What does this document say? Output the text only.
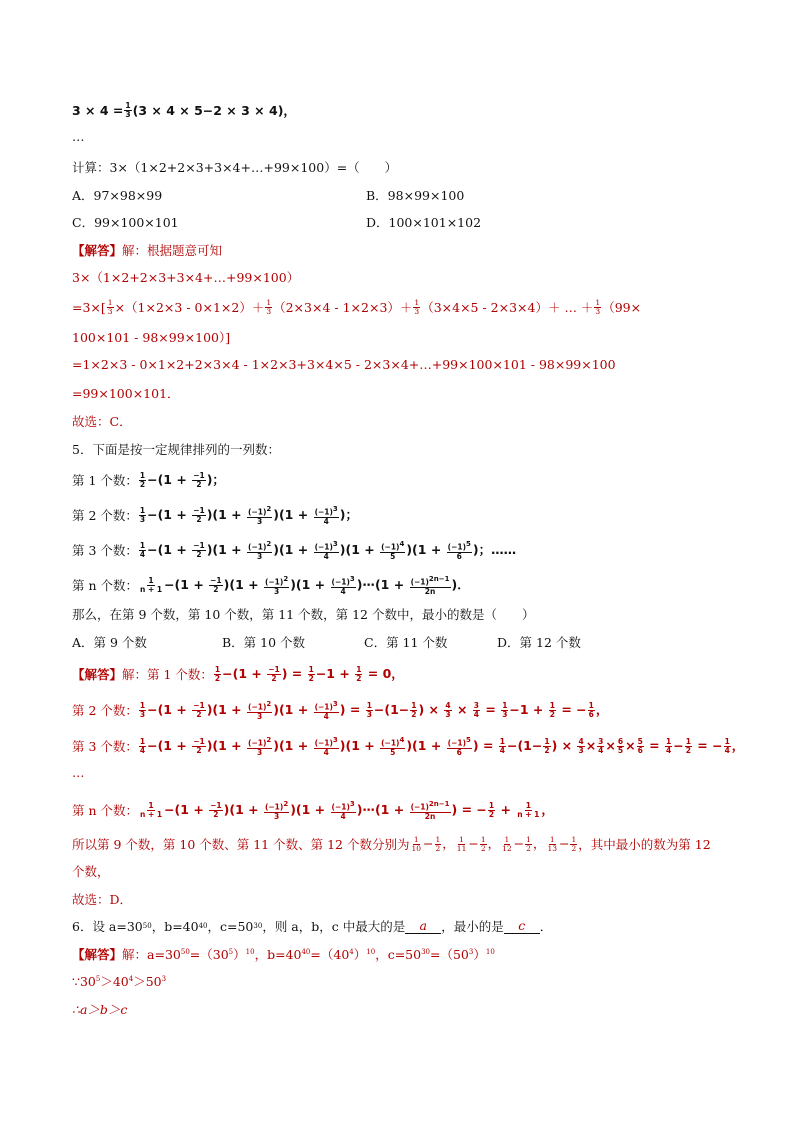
$3 \times 4 = \frac{1}{3} (3 \times 4 \times 5-2 \times 3 \times 4)$，
…
计算：3×（1×2+2×3+3×4+…+99×100）=（　　）
A．97×98×99	B．98×99×100
C．99×100×101	D．100×101×102
【解答】 解：根据题意可知
3×（1×2+2×3+3×4+…+99×100）
$=3\times[ \frac{1}{3} \times(1\times 2\times 3 - 0\times 1\times 2)+ \frac{1}{3} (2\times 3\times 4 - 1\times 2\times 3)+ \frac{1}{3} (3\times 4\times 5 - 2\times 3\times 4)+$ … ＋ $\frac{1}{3} (99\times$
100×101 - 98×99×100）]
=1×2×3 - 0×1×2+2×3×4 - 1×2×3+3×4×5 - 2×3×4+…+99×100×101 - 98×99×100
=99×100×101．
故选：C．
5．下面是按一定规律排列的一列数：
第 1 个数： $\frac{1}{2} -(1 + \frac{-1}{2}$ )；
第 2 个数： $\frac{1}{3} -(1 + \frac{-1}{2} )(1 + \frac{(-1)^2}{3} )(1 + \frac{(-1)^3}{4}$ )；
第 3 个数： $\frac{1}{4} -(1 + \frac{-1}{2} )(1 + \frac{(-1)^2}{3} )(1 + \frac{(-1)^3}{4} )(1 + \frac{(-1)^4}{5} )(1 + \frac{(-1)^5}{6}$ )；……
第 n 个数： $\frac{1}{n + 1} -(1 + \frac{-1}{2} )(1 + \frac{(-1)^2}{3} )(1 + \frac{(-1)^3}{4}$ )⋯(1 + $\frac{(-1)^{2n-1}}{2n}$ )．
那么，在第 9 个数，第 10 个数，第 11 个数，第 12 个数中，最小的数是（　　）
A．第 9 个数	B．第 10 个数	C．第 11 个数	D．第 12 个数
【解答】 解：第 1 个数： $\frac{1}{2} -(1 + \frac{-1}{2}$ ) = $\frac{1}{2} -1 + \frac{1}{2} = 0$，
第 2 个数： $\frac{1}{3} -(1 + \frac{-1}{2} )(1 + \frac{(-1)^2}{3} )(1 + \frac{(-1)^3}{4}$ ) = $\frac{1}{3} -(1- \frac{1}{2}$ ) × $\frac{4}{3} \times \frac{3}{4} = \frac{1}{3} -1 + \frac{1}{2}$ = − $\frac{1}{6}$ ，
第 3 个数： $\frac{1}{4} -(1 + \frac{-1}{2} )(1 + \frac{(-1)^2}{3} )(1 + \frac{(-1)^3}{4} )(1 + \frac{(-1)^4}{5} )(1 + \frac{(-1)^5}{6}$ ) = $\frac{1}{4} -(1- \frac{1}{2}$ ) × $\frac{4}{3} \times \frac{3}{4} \times \frac{6}{5} \times \frac{5}{6} = \frac{1}{4} - \frac{1}{2}$ = − $\frac{1}{4}$ ，
…
第 n 个数： $\frac{1}{n + 1} -(1 + \frac{-1}{2} )(1 + \frac{(-1)^2}{3} )(1 + \frac{(-1)^3}{4}$ )⋯(1 + $\frac{(-1)^{2n-1}}{2n}$ ) = − $\frac{1}{2} + \frac{1}{n + 1}$ ，
所以第 9 个数，第 10 个数、第 11 个数、第 12 个数分别为 $\frac{1}{10} - \frac{1}{2}$ ， $\frac{1}{11} - \frac{1}{2}$ ， $\frac{1}{12} - \frac{1}{2}$ ， $\frac{1}{13} - \frac{1}{2}$ ，其中最小的数为第 12
个数，
故选：D．
6．设 a=30 50 ，b=40 40 ，c=50 30 ，则 a，b，c 中最大的是	a	，最小的是	c	．
【解答】 解：$a=30^{50}=(30^5)^{10}$，$b=40^{40}=(40^4)^{10}$，$c=50^{30}=(50^3)^{10}$
∵3 $0^5>40^4>50^3$
∴a＞b＞c
